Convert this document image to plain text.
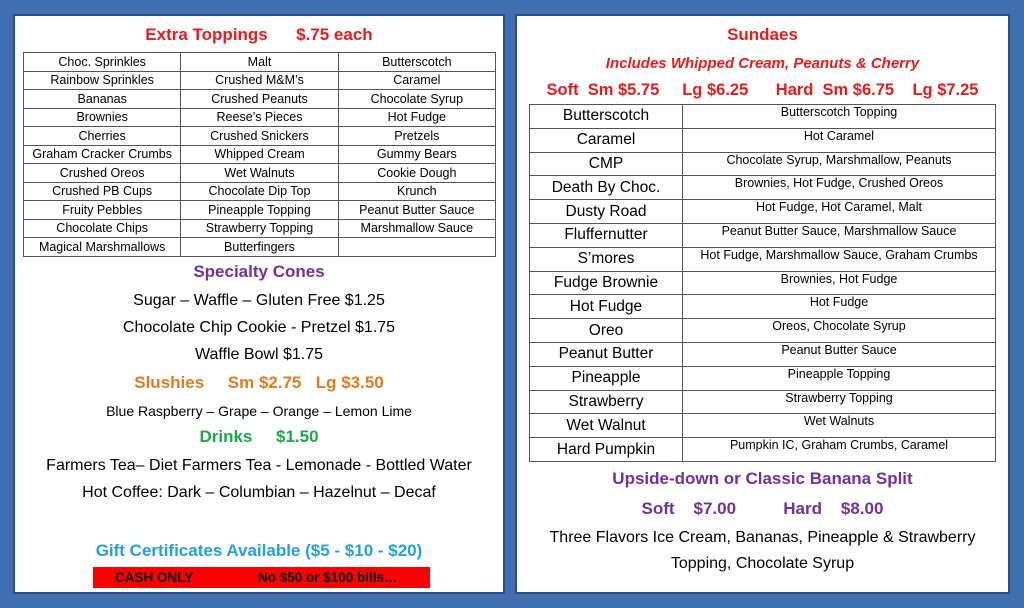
Extra Toppings $.75 each
Choc. Sprinkles	Malt	Butterscotch
Rainbow Sprinkles	Crushed M&M’s	Caramel
Bananas	Crushed Peanuts	Chocolate Syrup
Brownies	Reese’s Pieces	Hot Fudge
Cherries	Crushed Snickers	Pretzels
Graham Cracker Crumbs	Whipped Cream	Gummy Bears
Crushed Oreos	Wet Walnuts	Cookie Dough
Crushed PB Cups	Chocolate Dip Top	Krunch
Fruity Pebbles	Pineapple Topping	Peanut Butter Sauce
Chocolate Chips	Strawberry Topping	Marshmallow Sauce
Magical Marshmallows	Butterfingers	
Specialty Cones
Sugar – Waffle – Gluten Free $1.25
Chocolate Chip Cookie - Pretzel $1.75
Waffle Bowl $1.75
Slushies Sm $2.75 Lg $3.50
Blue Raspberry – Grape – Orange – Lemon Lime
Drinks $1.50
Farmers Tea– Diet Farmers Tea - Lemonade - Bottled Water
Hot Coffee: Dark – Columbian – Hazelnut – Decaf
Gift Certificates Available ($5 - $10 - $20)
CASH ONLY	No $50 or $100 bills…
Sundaes
Includes Whipped Cream, Peanuts & Cherry
Soft Sm $5.75 Lg $6.25 Hard Sm $6.75 Lg $7.25
Butterscotch	Butterscotch Topping
Caramel	Hot Caramel
CMP	Chocolate Syrup, Marshmallow, Peanuts
Death By Choc.	Brownies, Hot Fudge, Crushed Oreos
Dusty Road	Hot Fudge, Hot Caramel, Malt
Fluffernutter	Peanut Butter Sauce, Marshmallow Sauce
S’mores	Hot Fudge, Marshmallow Sauce, Graham Crumbs
Fudge Brownie	Brownies, Hot Fudge
Hot Fudge	Hot Fudge
Oreo	Oreos, Chocolate Syrup
Peanut Butter	Peanut Butter Sauce
Pineapple	Pineapple Topping
Strawberry	Strawberry Topping
Wet Walnut	Wet Walnuts
Hard Pumpkin	Pumpkin IC, Graham Crumbs, Caramel
Upside-down or Classic Banana Split
Soft    $7.00	Hard    $8.00
Three Flavors Ice Cream, Bananas, Pineapple & Strawberry
Topping, Chocolate Syrup
